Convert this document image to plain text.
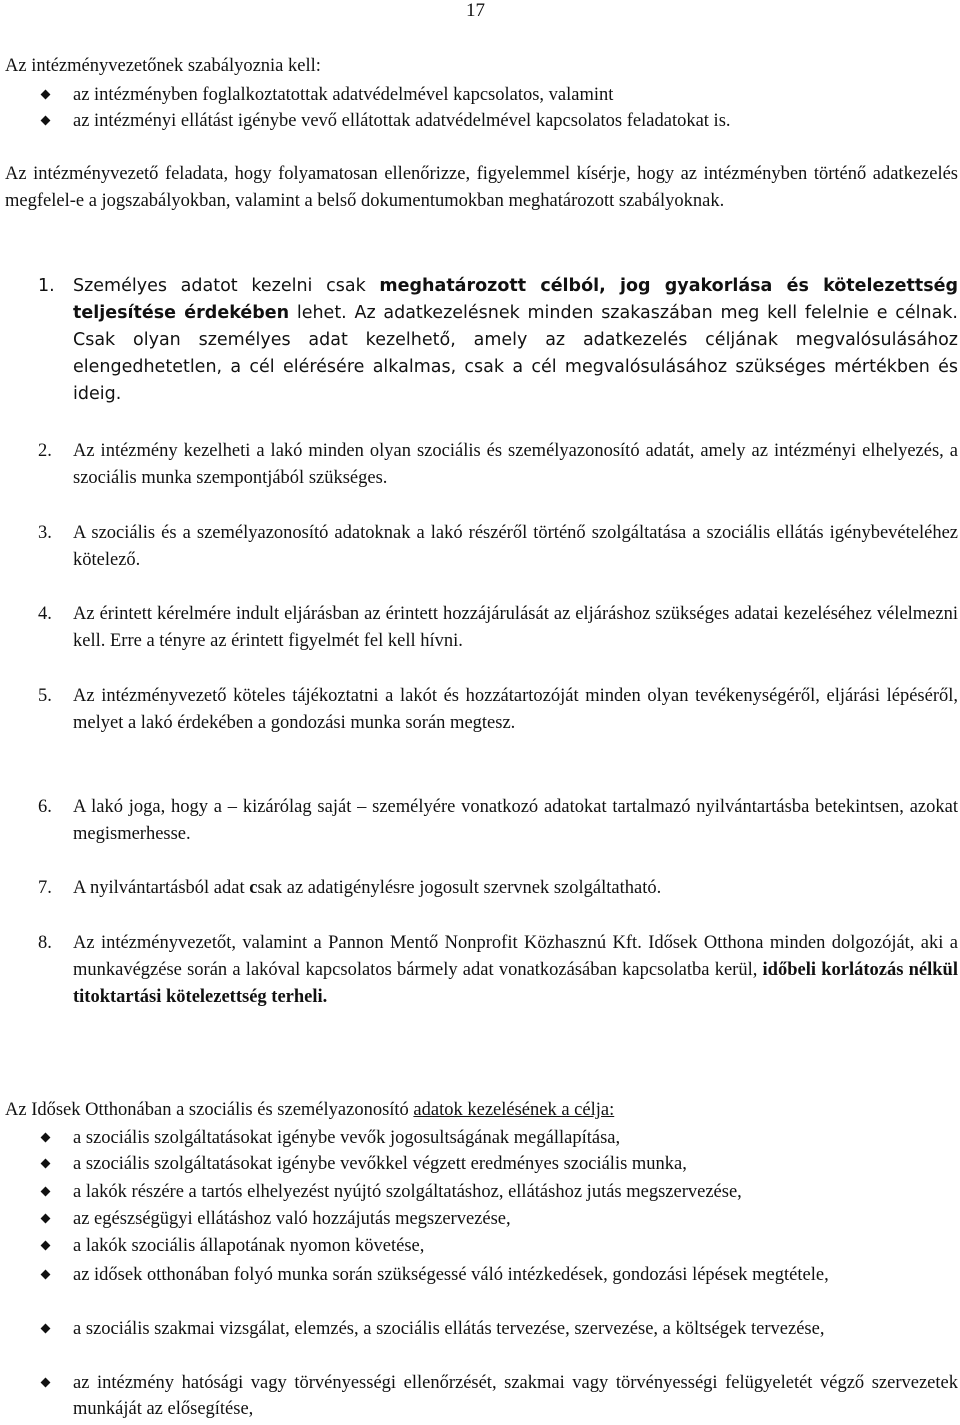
17
Az intézményvezetőnek szabályoznia kell:
az intézményben foglalkoztatottak adatvédelmével kapcsolatos, valamint
az intézményi ellátást igénybe vevő ellátottak adatvédelmével kapcsolatos feladatokat is.
Az intézményvezető feladata, hogy folyamatosan ellenőrizze, figyelemmel kísérje, hogy az intézményben történő adatkezelés megfelel-e a jogszabályokban, valamint a belső dokumentumokban meghatározott szabályoknak.
1. Személyes adatot kezelni csak meghatározott célból, jog gyakorlása és kötelezettség teljesítése érdekében lehet. Az adatkezelésnek minden szakaszában meg kell felelnie e célnak. Csak olyan személyes adat kezelhető, amely az adatkezelés céljának megvalósulásához elengedhetetlen, a cél elérésére alkalmas, csak a cél megvalósulásához szükséges mértékben és ideig.
2. Az intézmény kezelheti a lakó minden olyan szociális és személyazonosító adatát, amely az intézményi elhelyezés, a szociális munka szempontjából szükséges.
3. A szociális és a személyazonosító adatoknak a lakó részéről történő szolgáltatása a szociális ellátás igénybevételéhez kötelező.
4. Az érintett kérelmére indult eljárásban az érintett hozzájárulását az eljáráshoz szükséges adatai kezeléséhez vélelmezni kell. Erre a tényre az érintett figyelmét fel kell hívni.
5. Az intézményvezető köteles tájékoztatni a lakót és hozzátartozóját minden olyan tevékenységéről, eljárási lépéséről, melyet a lakó érdekében a gondozási munka során megtesz.
6. A lakó joga, hogy a – kizárólag saját – személyére vonatkozó adatokat tartalmazó nyilvántartásba betekintsen, azokat megismerhesse.
7. A nyilvántartásból adat csak az adatigénylésre jogosult szervnek szolgáltatható.
8. Az intézményvezetőt, valamint a Pannon Mentő Nonprofit Közhasznú Kft. Idősek Otthona minden dolgozóját, aki a munkavégzése során a lakóval kapcsolatos bármely adat vonatkozásában kapcsolatba kerül, időbeli korlátozás nélkül titoktartási kötelezettség terheli.
Az Idősek Otthonában a szociális és személyazonosító adatok kezelésének a célja:
a szociális szolgáltatásokat igénybe vevők jogosultságának megállapítása,
a szociális szolgáltatásokat igénybe vevőkkel végzett eredményes szociális munka,
a lakók részére a tartós elhelyezést nyújtó szolgáltatáshoz, ellátáshoz jutás megszervezése,
az egészségügyi ellátáshoz való hozzájutás megszervezése,
a lakók szociális állapotának nyomon követése,
az idősek otthonában folyó munka során szükségessé váló intézkedések, gondozási lépések megtétele,
a szociális szakmai vizsgálat, elemzés, a szociális ellátás tervezése, szervezése, a költségek tervezése,
az intézmény hatósági vagy törvényességi ellenőrzését, szakmai vagy törvényességi felügyeletét végző szervezetek munkáját az elősegítése,
